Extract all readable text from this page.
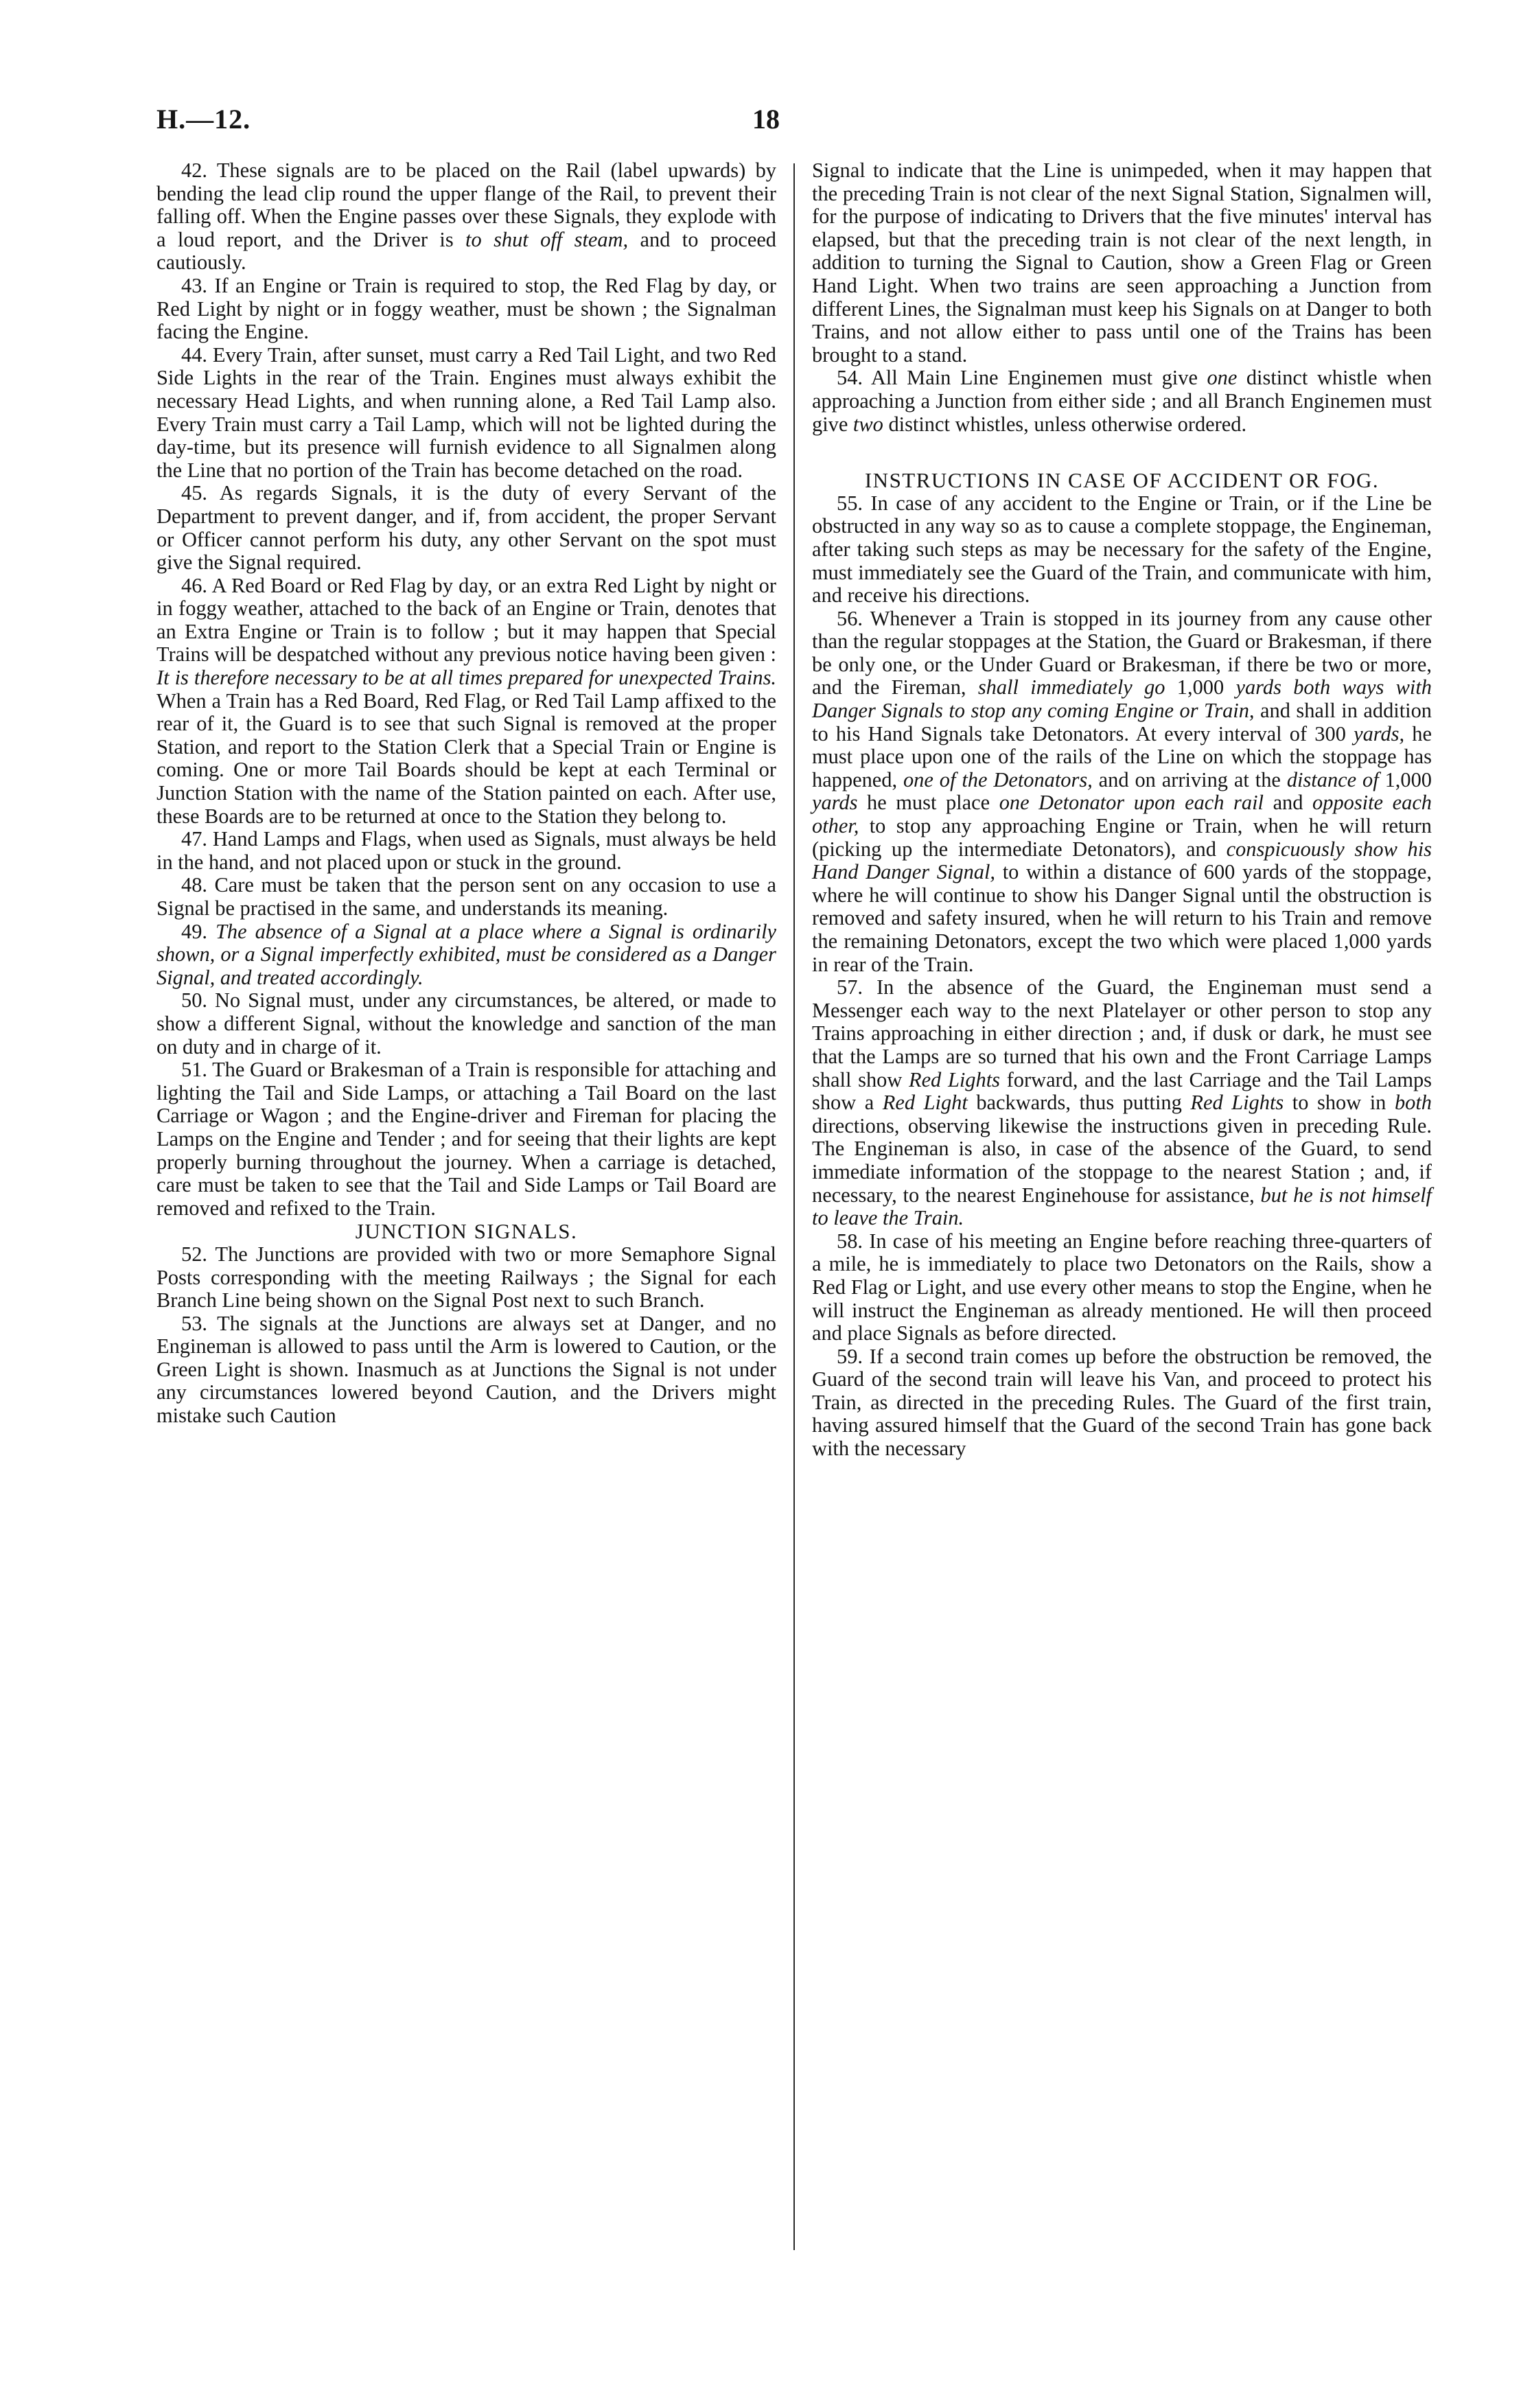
H.—12.	18

42. These signals are to be placed on the Rail (label upwards) by bending the lead clip round the upper flange of the Rail, to prevent their falling off. When the Engine passes over these Signals, they explode with a loud report, and the Driver is to shut off steam, and to proceed cautiously.

43. If an Engine or Train is required to stop, the Red Flag by day, or Red Light by night or in foggy weather, must be shown ; the Signalman facing the Engine.

44. Every Train, after sunset, must carry a Red Tail Light, and two Red Side Lights in the rear of the Train. Engines must always exhibit the necessary Head Lights, and when running alone, a Red Tail Lamp also. Every Train must carry a Tail Lamp, which will not be lighted during the day-time, but its presence will furnish evidence to all Signalmen along the Line that no portion of the Train has become detached on the road.

45. As regards Signals, it is the duty of every Servant of the Department to prevent danger, and if, from accident, the proper Servant or Officer cannot perform his duty, any other Servant on the spot must give the Signal required.

46. A Red Board or Red Flag by day, or an extra Red Light by night or in foggy weather, attached to the back of an Engine or Train, denotes that an Extra Engine or Train is to follow ; but it may happen that Special Trains will be despatched without any previous notice having been given : It is therefore necessary to be at all times prepared for unexpected Trains. When a Train has a Red Board, Red Flag, or Red Tail Lamp affixed to the rear of it, the Guard is to see that such Signal is removed at the proper Station, and report to the Station Clerk that a Special Train or Engine is coming. One or more Tail Boards should be kept at each Terminal or Junction Station with the name of the Station painted on each. After use, these Boards are to be returned at once to the Station they belong to.

47. Hand Lamps and Flags, when used as Signals, must always be held in the hand, and not placed upon or stuck in the ground.

48. Care must be taken that the person sent on any occasion to use a Signal be practised in the same, and understands its meaning.

49. The absence of a Signal at a place where a Signal is ordinarily shown, or a Signal imperfectly exhibited, must be considered as a Danger Signal, and treated accordingly.

50. No Signal must, under any circumstances, be altered, or made to show a different Signal, without the knowledge and sanction of the man on duty and in charge of it.

51. The Guard or Brakesman of a Train is responsible for attaching and lighting the Tail and Side Lamps, or attaching a Tail Board on the last Carriage or Wagon ; and the Engine-driver and Fireman for placing the Lamps on the Engine and Tender ; and for seeing that their lights are kept properly burning throughout the journey. When a carriage is detached, care must be taken to see that the Tail and Side Lamps or Tail Board are removed and refixed to the Train.

JUNCTION SIGNALS.

52. The Junctions are provided with two or more Semaphore Signal Posts corresponding with the meeting Railways ; the Signal for each Branch Line being shown on the Signal Post next to such Branch.

53. The signals at the Junctions are always set at Danger, and no Engineman is allowed to pass until the Arm is lowered to Caution, or the Green Light is shown. Inasmuch as at Junctions the Signal is not under any circumstances lowered beyond Caution, and the Drivers might mistake such Caution

Signal to indicate that the Line is unimpeded, when it may happen that the preceding Train is not clear of the next Signal Station, Signalmen will, for the purpose of indicating to Drivers that the five minutes' interval has elapsed, but that the preceding train is not clear of the next length, in addition to turning the Signal to Caution, show a Green Flag or Green Hand Light. When two trains are seen approaching a Junction from different Lines, the Signalman must keep his Signals on at Danger to both Trains, and not allow either to pass until one of the Trains has been brought to a stand.

54. All Main Line Enginemen must give one distinct whistle when approaching a Junction from either side ; and all Branch Enginemen must give two distinct whistles, unless otherwise ordered.

INSTRUCTIONS IN CASE OF ACCIDENT OR FOG.

55. In case of any accident to the Engine or Train, or if the Line be obstructed in any way so as to cause a complete stoppage, the Engineman, after taking such steps as may be necessary for the safety of the Engine, must immediately see the Guard of the Train, and communicate with him, and receive his directions.

56. Whenever a Train is stopped in its journey from any cause other than the regular stoppages at the Station, the Guard or Brakesman, if there be only one, or the Under Guard or Brakesman, if there be two or more, and the Fireman, shall immediately go 1,000 yards both ways with Danger Signals to stop any coming Engine or Train, and shall in addition to his Hand Signals take Detonators. At every interval of 300 yards, he must place upon one of the rails of the Line on which the stoppage has happened, one of the Detonators, and on arriving at the distance of 1,000 yards he must place one Detonator upon each rail and opposite each other, to stop any approaching Engine or Train, when he will return (picking up the intermediate Detonators), and conspicuously show his Hand Danger Signal, to within a distance of 600 yards of the stoppage, where he will continue to show his Danger Signal until the obstruction is removed and safety insured, when he will return to his Train and remove the remaining Detonators, except the two which were placed 1,000 yards in rear of the Train.

57. In the absence of the Guard, the Engineman must send a Messenger each way to the next Platelayer or other person to stop any Trains approaching in either direction ; and, if dusk or dark, he must see that the Lamps are so turned that his own and the Front Carriage Lamps shall show Red Lights forward, and the last Carriage and the Tail Lamps show a Red Light backwards, thus putting Red Lights to show in both directions, observing likewise the instructions given in preceding Rule. The Engineman is also, in case of the absence of the Guard, to send immediate information of the stoppage to the nearest Station ; and, if necessary, to the nearest Enginehouse for assistance, but he is not himself to leave the Train.

58. In case of his meeting an Engine before reaching three-quarters of a mile, he is immediately to place two Detonators on the Rails, show a Red Flag or Light, and use every other means to stop the Engine, when he will instruct the Engineman as already mentioned. He will then proceed and place Signals as before directed.

59. If a second train comes up before the obstruction be removed, the Guard of the second train will leave his Van, and proceed to protect his Train, as directed in the preceding Rules. The Guard of the first train, having assured himself that the Guard of the second Train has gone back with the necessary
